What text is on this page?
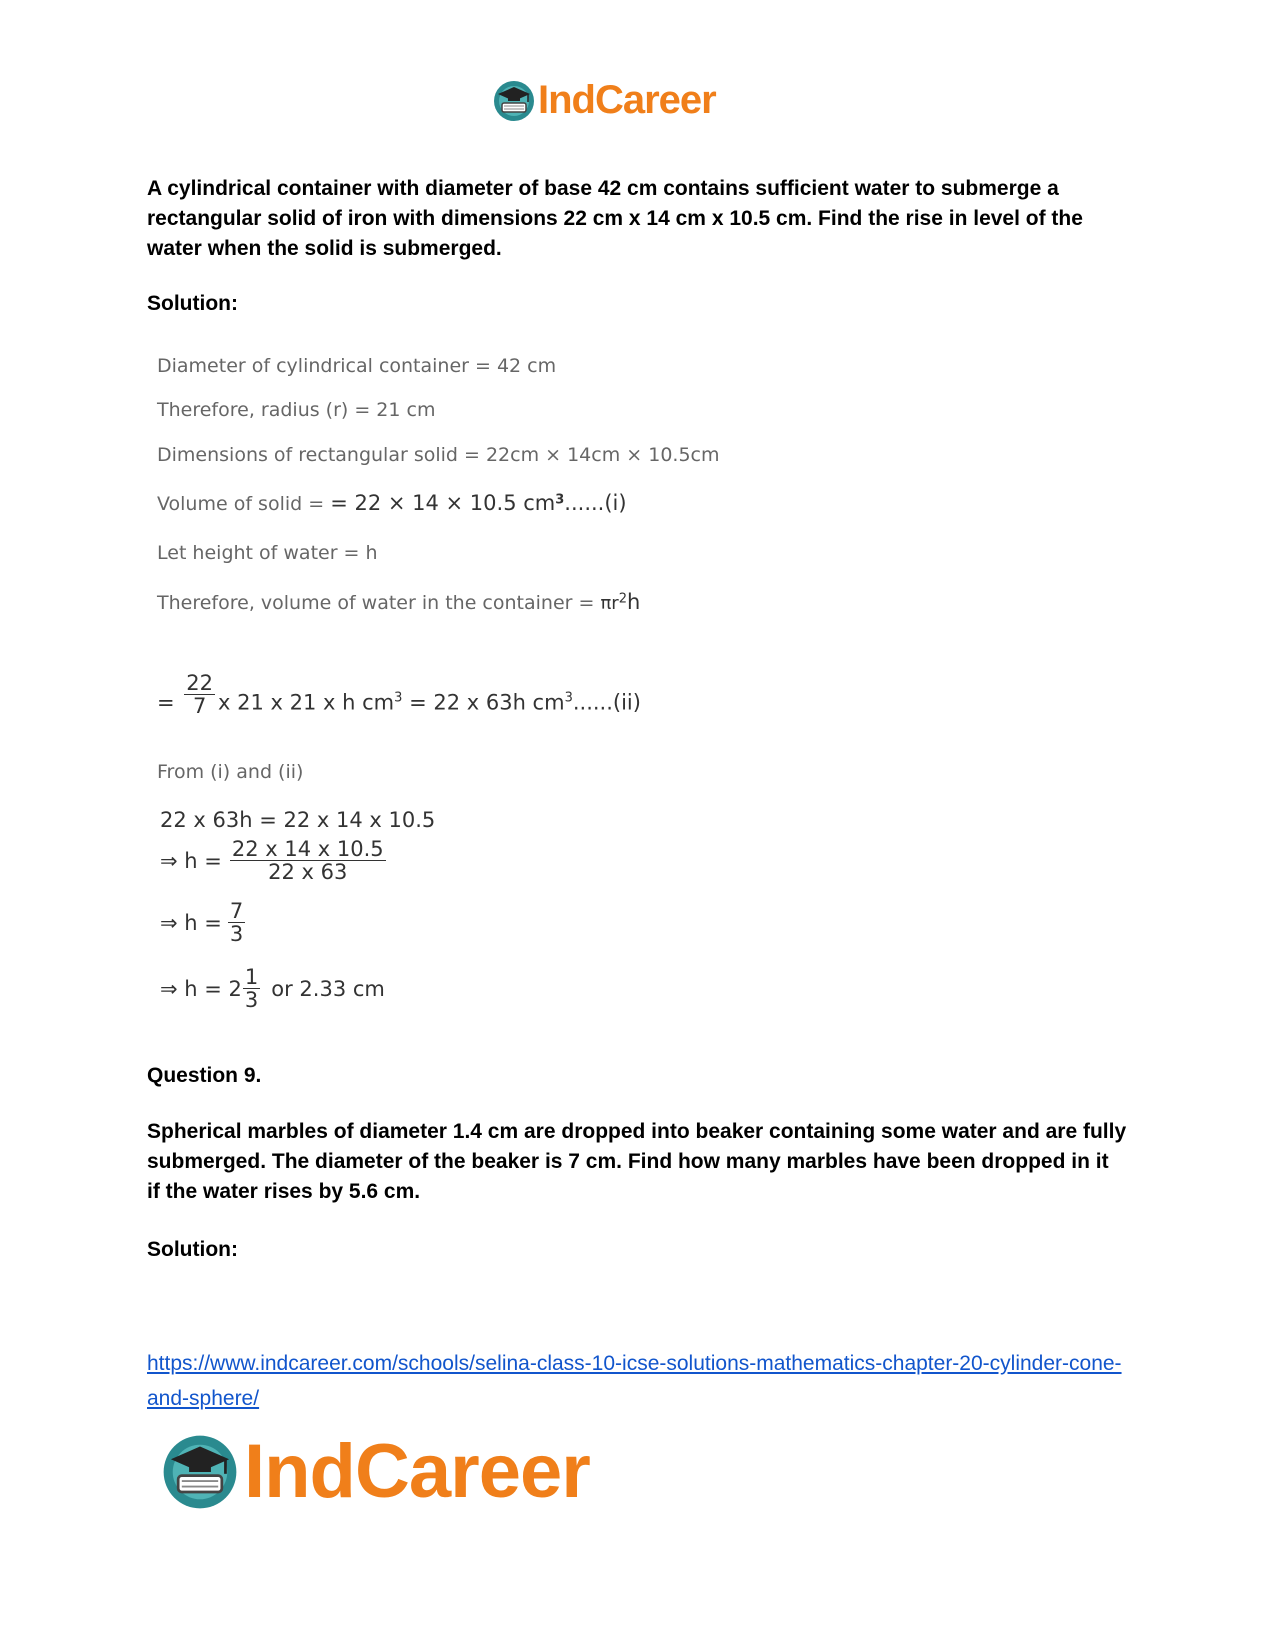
IndCareer
A cylindrical container with diameter of base 42 cm contains sufficient water to submerge a rectangular solid of iron with dimensions 22 cm x 14 cm x 10.5 cm. Find the rise in level of the water when the solid is submerged.
Solution:
Diameter of cylindrical container = 42 cm
Therefore, radius (r) = 21 cm
Dimensions of rectangular solid = 22cm × 14cm × 10.5cm
Volume of solid = = 22 × 14 × 10.5 $cm^3......(i)$
Let height of water = h
Therefore, volume of water in the container = $\pi r^2h$
= $\frac{22}{7}$ x 21 x 21 x h $cm^3 = 22$ x 63h $cm^3......(ii)$
From (i) and (ii)
22 x 63h = 22 x 14 x 10.5
⇒ $h = \frac{22 x 14 x 10.5}{22 x 63}$
⇒ $h = \frac{7}{3}$
⇒ $h = 2 \frac{1}{3}$ or 2.33 cm
Question 9.
Spherical marbles of diameter 1.4 cm are dropped into beaker containing some water and are fully submerged. The diameter of the beaker is 7 cm. Find how many marbles have been dropped in it if the water rises by 5.6 cm.
Solution:
https://www.indcareer.com/schools/selina-class-10-icse-solutions-mathematics-chapter-20-cylinder-cone-and-sphere/
IndCareer
